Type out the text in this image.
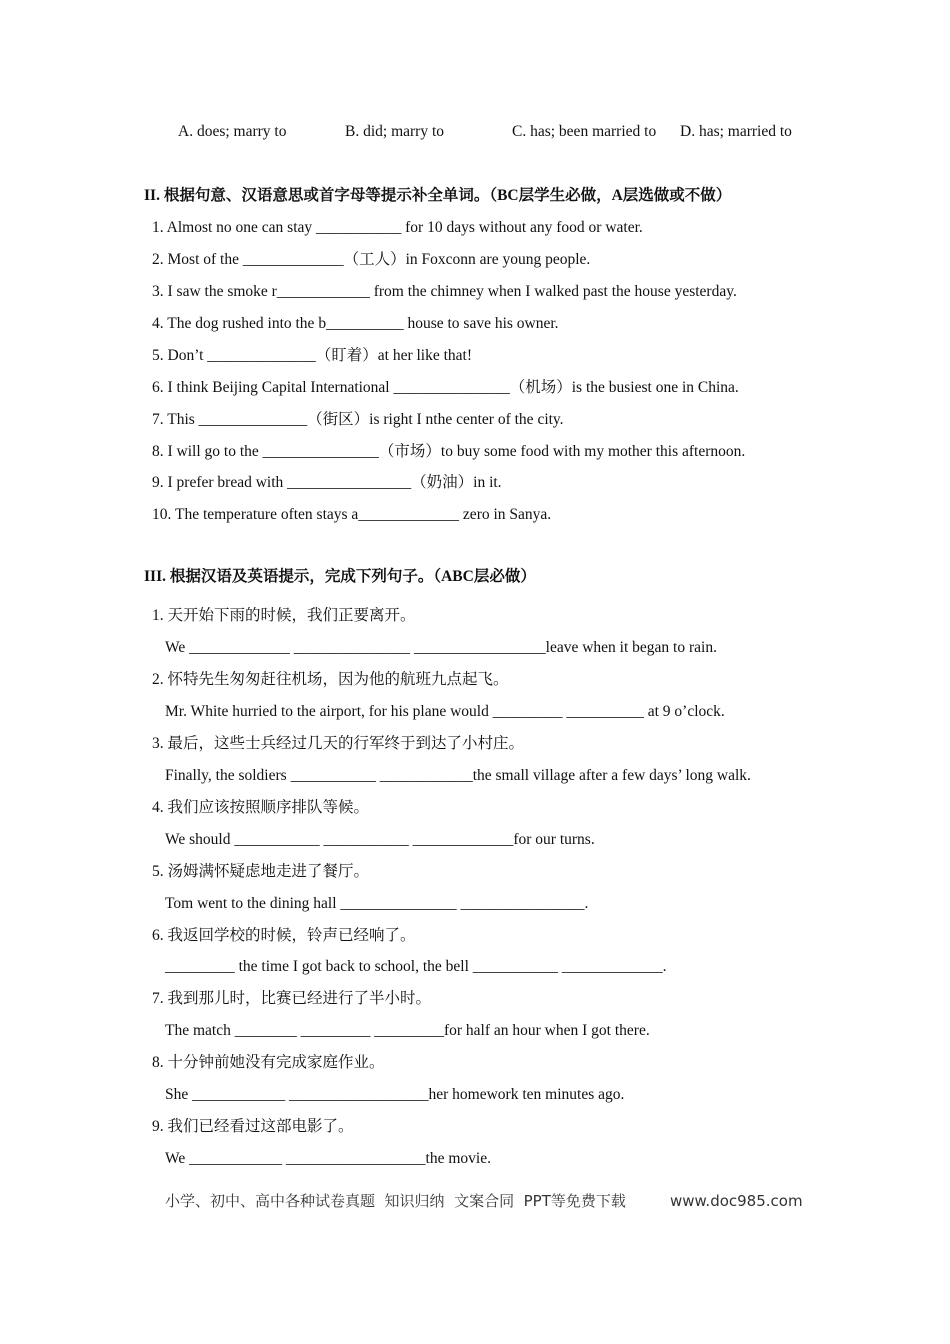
A. does; marry to	B. did; marry to	C. has; been married to D. has; married to
II. 根据句意、汉语意思或首字母等提示补全单词。（BC层学生必做，A层选做或不做）
1. Almost no one can stay ___________ for 10 days without any food or water.
2. Most of the _____________（工人）in Foxconn are young people.
3. I saw the smoke r____________ from the chimney when I walked past the house yesterday.
4. The dog rushed into the b__________ house to save his owner.
5. Don’t ______________（盯着）at her like that!
6. I think Beijing Capital International _______________（机场）is the busiest one in China.
7. This ______________（街区）is right I nthe center of the city.
8. I will go to the _______________（市场）to buy some food with my mother this afternoon.
9. I prefer bread with ________________（奶油）in it.
10. The temperature often stays a_____________ zero in Sanya.
III. 根据汉语及英语提示，完成下列句子。（ABC层必做）
1. 天开始下雨的时候，我们正要离开。
We _____________ _______________ _________________leave when it began to rain.
2. 怀特先生匆匆赶往机场，因为他的航班九点起飞。
Mr. White hurried to the airport, for his plane would _________ __________ at 9 o’clock.
3. 最后，这些士兵经过几天的行军终于到达了小村庄。
Finally, the soldiers ___________ ____________the small village after a few days’ long walk.
4. 我们应该按照顺序排队等候。
We should ___________ ___________ _____________for our turns.
5. 汤姆满怀疑虑地走进了餐厅。
Tom went to the dining hall _______________ ________________.
6. 我返回学校的时候，铃声已经响了。
_________ the time I got back to school, the bell ___________ _____________.
7. 我到那儿时，比赛已经进行了半小时。
The match ________ _________ _________for half an hour when I got there.
8. 十分钟前她没有完成家庭作业。
She ____________ __________________her homework ten minutes ago.
9. 我们已经看过这部电影了。
We ____________ __________________the movie.
小学、初中、高中各种试卷真题  知识归纳  文案合同  PPT等免费下载	www.doc985.com
